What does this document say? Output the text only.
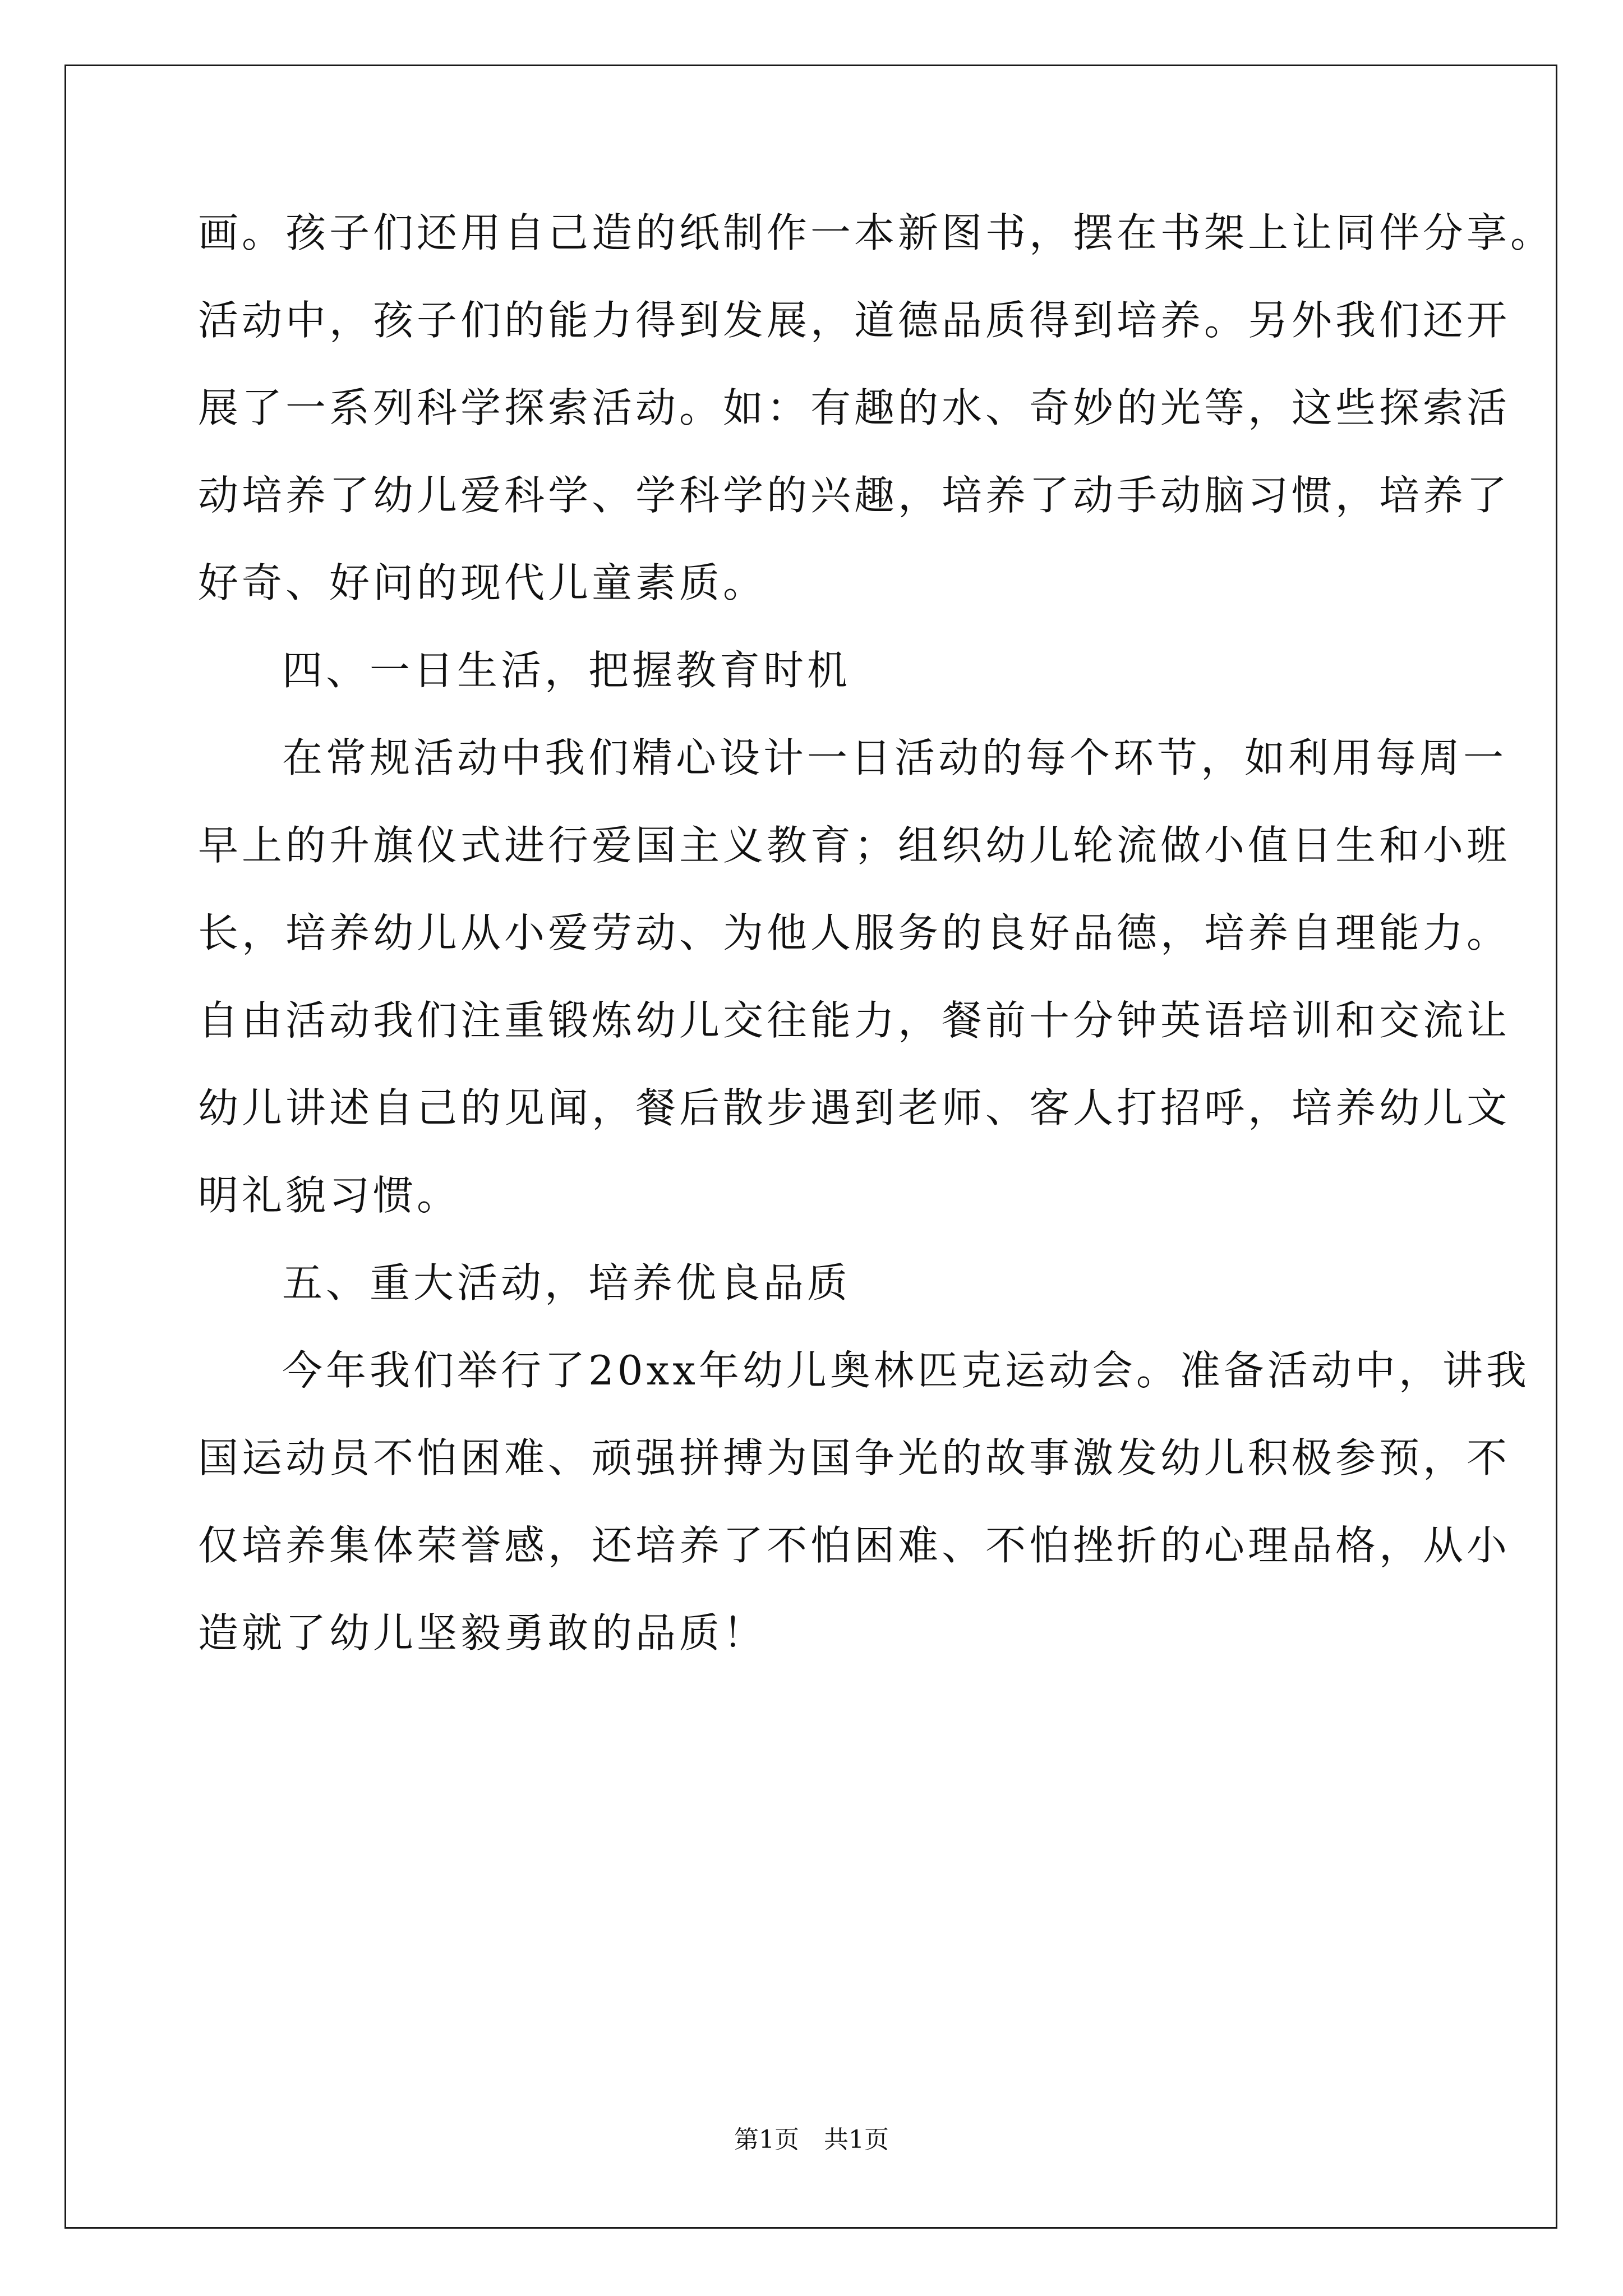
画。孩子们还用自己造的纸制作一本新图书，摆在书架上让同伴分享。
活动中，孩子们的能力得到发展，道德品质得到培养。另外我们还开
展了一系列科学探索活动。如：有趣的水、奇妙的光等，这些探索活
动培养了幼儿爱科学、学科学的兴趣，培养了动手动脑习惯，培养了
好奇、好问的现代儿童素质。
四、一日生活，把握教育时机
在常规活动中我们精心设计一日活动的每个环节，如利用每周一
早上的升旗仪式进行爱国主义教育；组织幼儿轮流做小值日生和小班
长，培养幼儿从小爱劳动、为他人服务的良好品德，培养自理能力。
自由活动我们注重锻炼幼儿交往能力，餐前十分钟英语培训和交流让
幼儿讲述自己的见闻，餐后散步遇到老师、客人打招呼，培养幼儿文
明礼貌习惯。
五、重大活动，培养优良品质
今年我们举行了20xx年幼儿奥林匹克运动会。准备活动中，讲我
国运动员不怕困难、顽强拼搏为国争光的故事激发幼儿积极参预，不
仅培养集体荣誉感，还培养了不怕困难、不怕挫折的心理品格，从小
造就了幼儿坚毅勇敢的品质！
第1页　共1页
